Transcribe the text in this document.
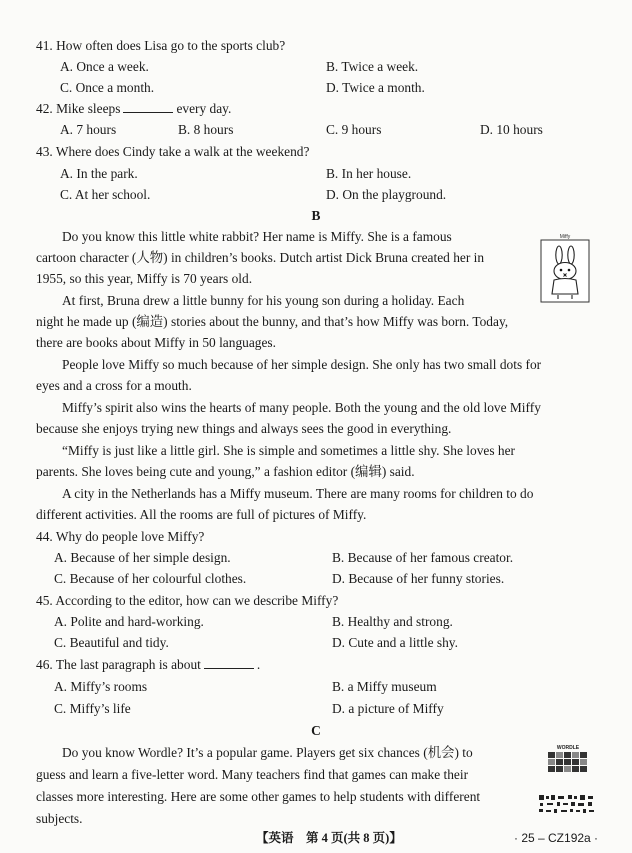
41. How often does Lisa go to the sports club?
A. Once a week.	B. Twice a week.
C. Once a month.	D. Twice a month.
42. Mike sleeps	every day.
A. 7 hours	B. 8 hours	C. 9 hours	D. 10 hours
43. Where does Cindy take a walk at the weekend?
A. In the park.	B. In her house.
C. At her school.	D. On the playground.
B
Miffy
Do you know this little white rabbit? Her name is Miffy. She is a famous
cartoon character (人物) in children’s books. Dutch artist Dick Bruna created her in
1955, so this year, Miffy is 70 years old.
At first, Bruna drew a little bunny for his young son during a holiday. Each
night he made up (编造) stories about the bunny, and that’s how Miffy was born. Today,
there are books about Miffy in 50 languages.
People love Miffy so much because of her simple design. She only has two small dots for
eyes and a cross for a mouth.
Miffy’s spirit also wins the hearts of many people. Both the young and the old love Miffy
because she enjoys trying new things and always sees the good in everything.
“Miffy is just like a little girl. She is simple and sometimes a little shy. She loves her
parents. She loves being cute and young,” a fashion editor (编辑) said.
A city in the Netherlands has a Miffy museum. There are many rooms for children to do
different activities. All the rooms are full of pictures of Miffy.
44. Why do people love Miffy?
A. Because of her simple design.	B. Because of her famous creator.
C. Because of her colourful clothes.	D. Because of her funny stories.
45. According to the editor, how can we describe Miffy?
A. Polite and hard-working.	B. Healthy and strong.
C. Beautiful and tidy.	D. Cute and a little shy.
46. The last paragraph is about	.
A. Miffy’s rooms	B. a Miffy museum
C. Miffy’s life	D. a picture of Miffy
C
WORDLE
Do you know Wordle? It’s a popular game. Players get six chances (机会) to
guess and learn a five-letter word. Many teachers find that games can make their
classes more interesting. Here are some other games to help students with different
subjects.
【英语　第 4 页(共 8 页)】	· 25 – CZ192a ·
